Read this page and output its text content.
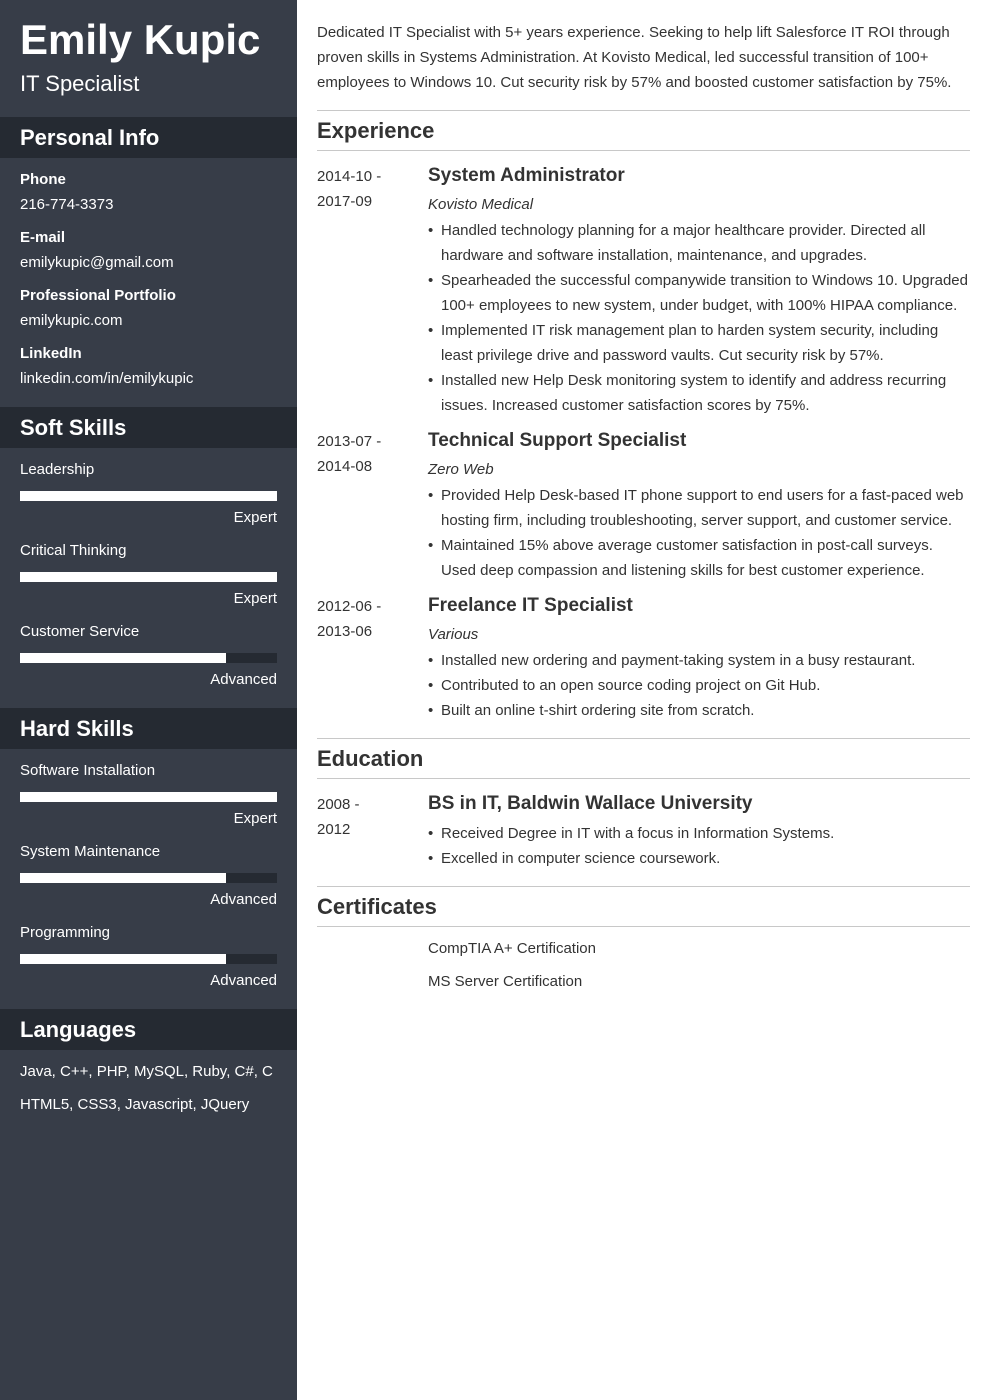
Emily Kupic
IT Specialist
Personal Info
Phone
216-774-3373
E-mail
emilykupic@gmail.com
Professional Portfolio
emilykupic.com
LinkedIn
linkedin.com/in/emilykupic
Soft Skills
Leadership
Expert
Critical Thinking
Expert
Customer Service
Advanced
Hard Skills
Software Installation
Expert
System Maintenance
Advanced
Programming
Advanced
Languages
Java, C++, PHP, MySQL, Ruby, C#, C
HTML5, CSS3, Javascript, JQuery

Dedicated IT Specialist with 5+ years experience. Seeking to help lift Salesforce IT ROI through proven skills in Systems Administration. At Kovisto Medical, led successful transition of 100+ employees to Windows 10. Cut security risk by 57% and boosted customer satisfaction by 75%.

Experience
2014-10 -
2017-09
System Administrator
Kovisto Medical
• Handled technology planning for a major healthcare provider. Directed all hardware and software installation, maintenance, and upgrades.
• Spearheaded the successful companywide transition to Windows 10. Upgraded 100+ employees to new system, under budget, with 100% HIPAA compliance.
• Implemented IT risk management plan to harden system security, including least privilege drive and password vaults. Cut security risk by 57%.
• Installed new Help Desk monitoring system to identify and address recurring issues. Increased customer satisfaction scores by 75%.
2013-07 -
2014-08
Technical Support Specialist
Zero Web
• Provided Help Desk-based IT phone support to end users for a fast-paced web hosting firm, including troubleshooting, server support, and customer service.
• Maintained 15% above average customer satisfaction in post-call surveys. Used deep compassion and listening skills for best customer experience.
2012-06 -
2013-06
Freelance IT Specialist
Various
• Installed new ordering and payment-taking system in a busy restaurant.
• Contributed to an open source coding project on Git Hub.
• Built an online t-shirt ordering site from scratch.
Education
2008 -
2012
BS in IT, Baldwin Wallace University
• Received Degree in IT with a focus in Information Systems.
• Excelled in computer science coursework.
Certificates
CompTIA A+ Certification
MS Server Certification
